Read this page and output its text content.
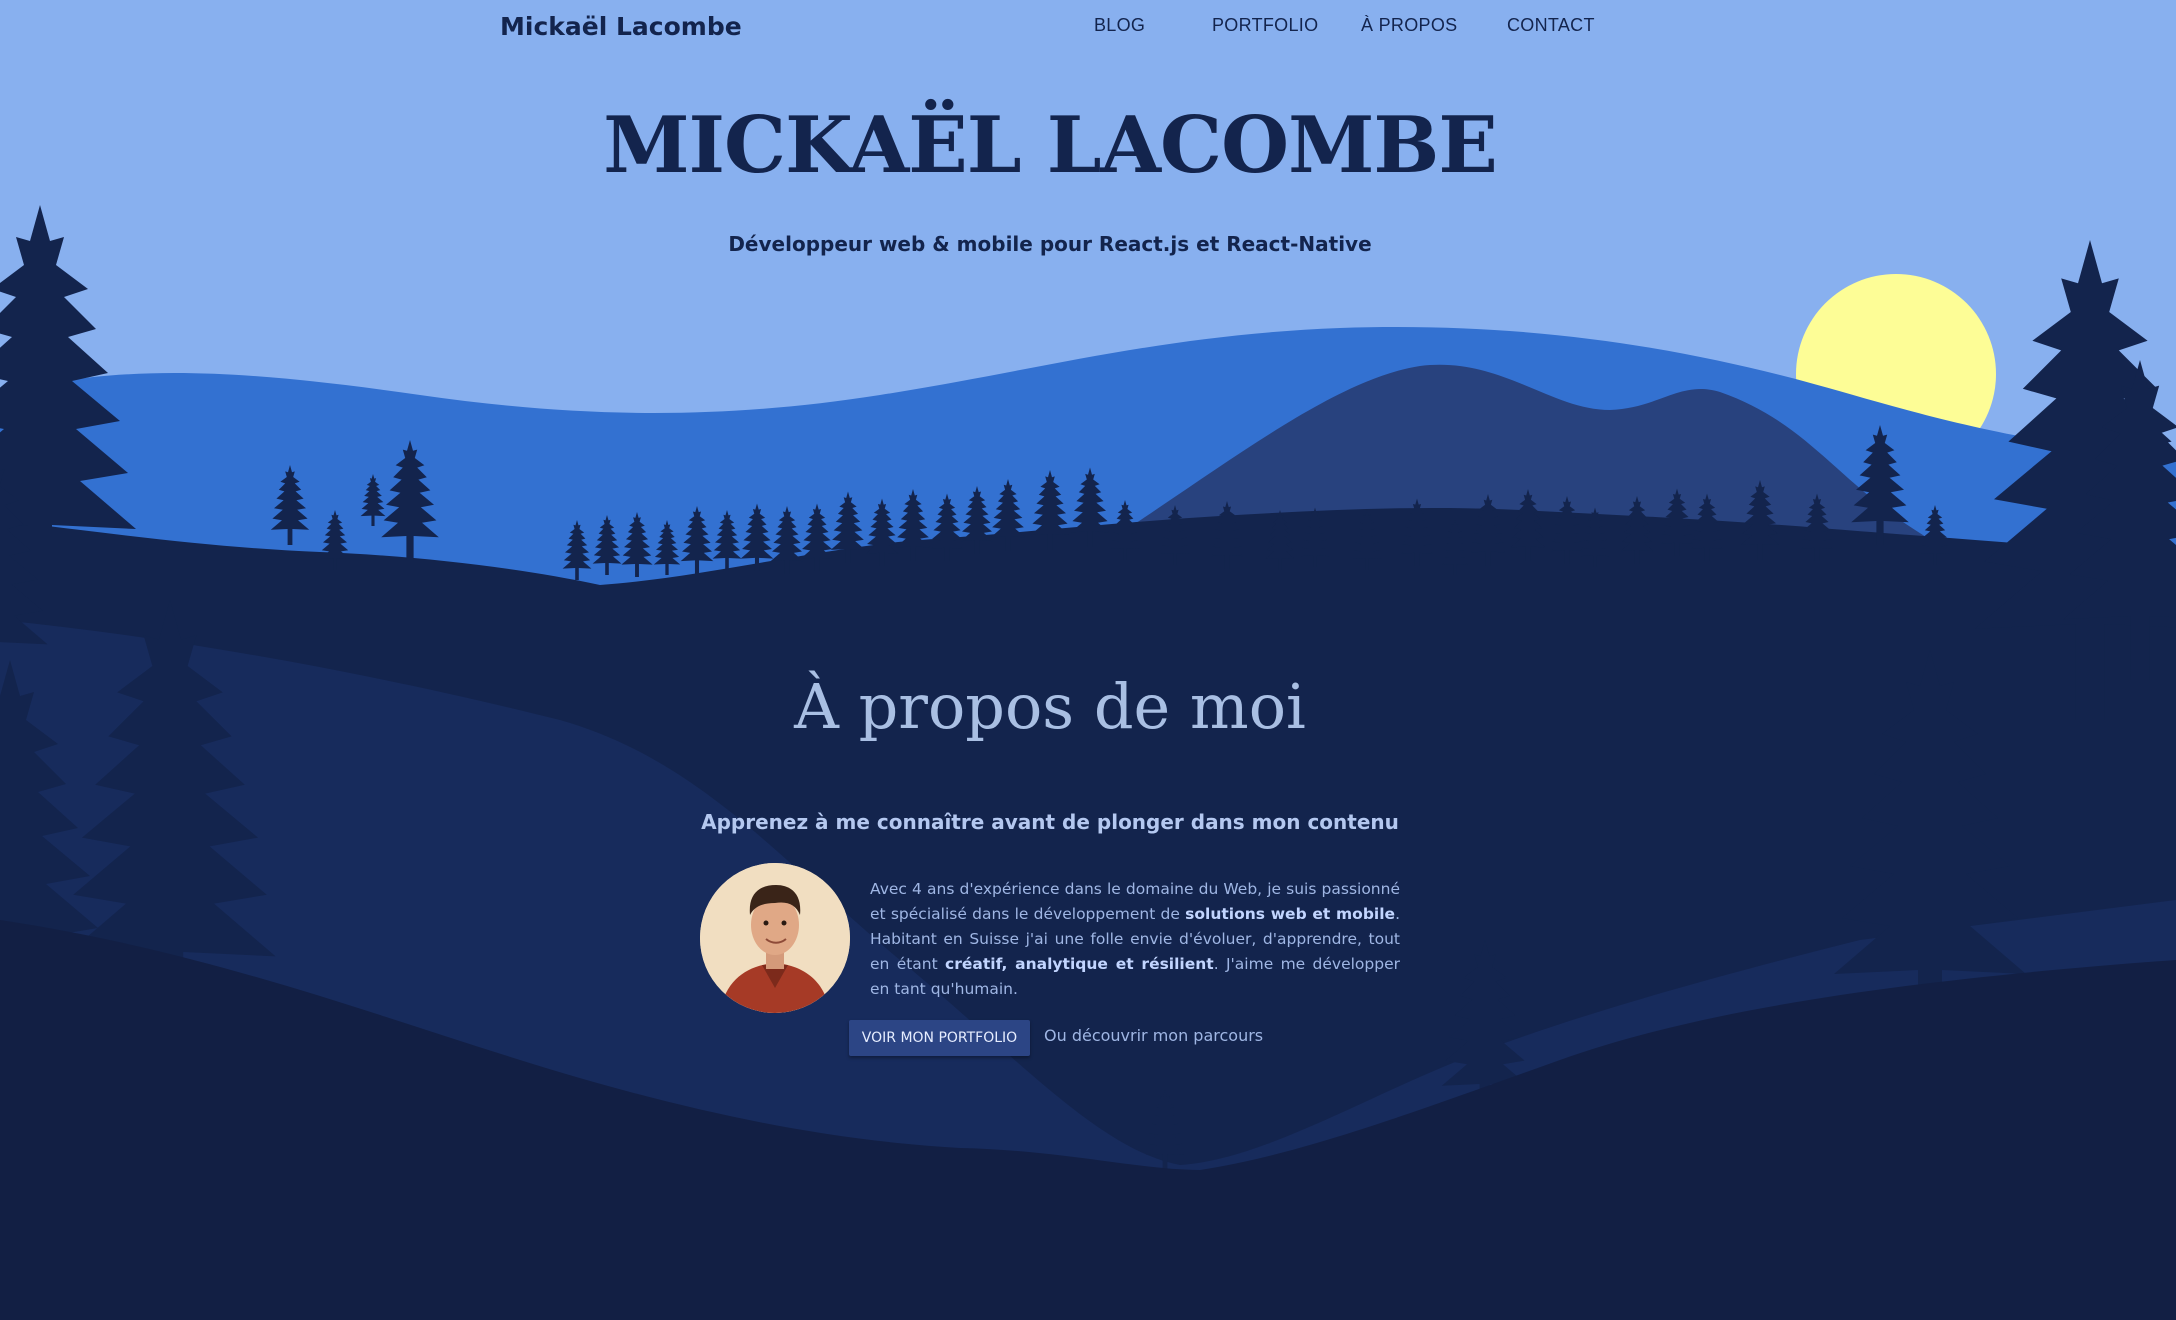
Mickaël Lacombe	BLOG	PORTFOLIO À PROPOS	CONTACT
MICKAËL LACOMBE

Développeur web & mobile pour React.js et React-Native

À propos de moi

Apprenez à me connaître avant de plonger dans mon contenu

Avec 4 ans d'expérience dans le domaine du Web, je suis passionné et spécialisé dans le développement de solutions web et mobile. Habitant en Suisse j'ai une folle envie d'évoluer, d'apprendre, tout en étant créatif, analytique et résilient. J'aime me développer en tant qu'humain.

VOIR MON PORTFOLIO	Ou découvrir mon parcours
